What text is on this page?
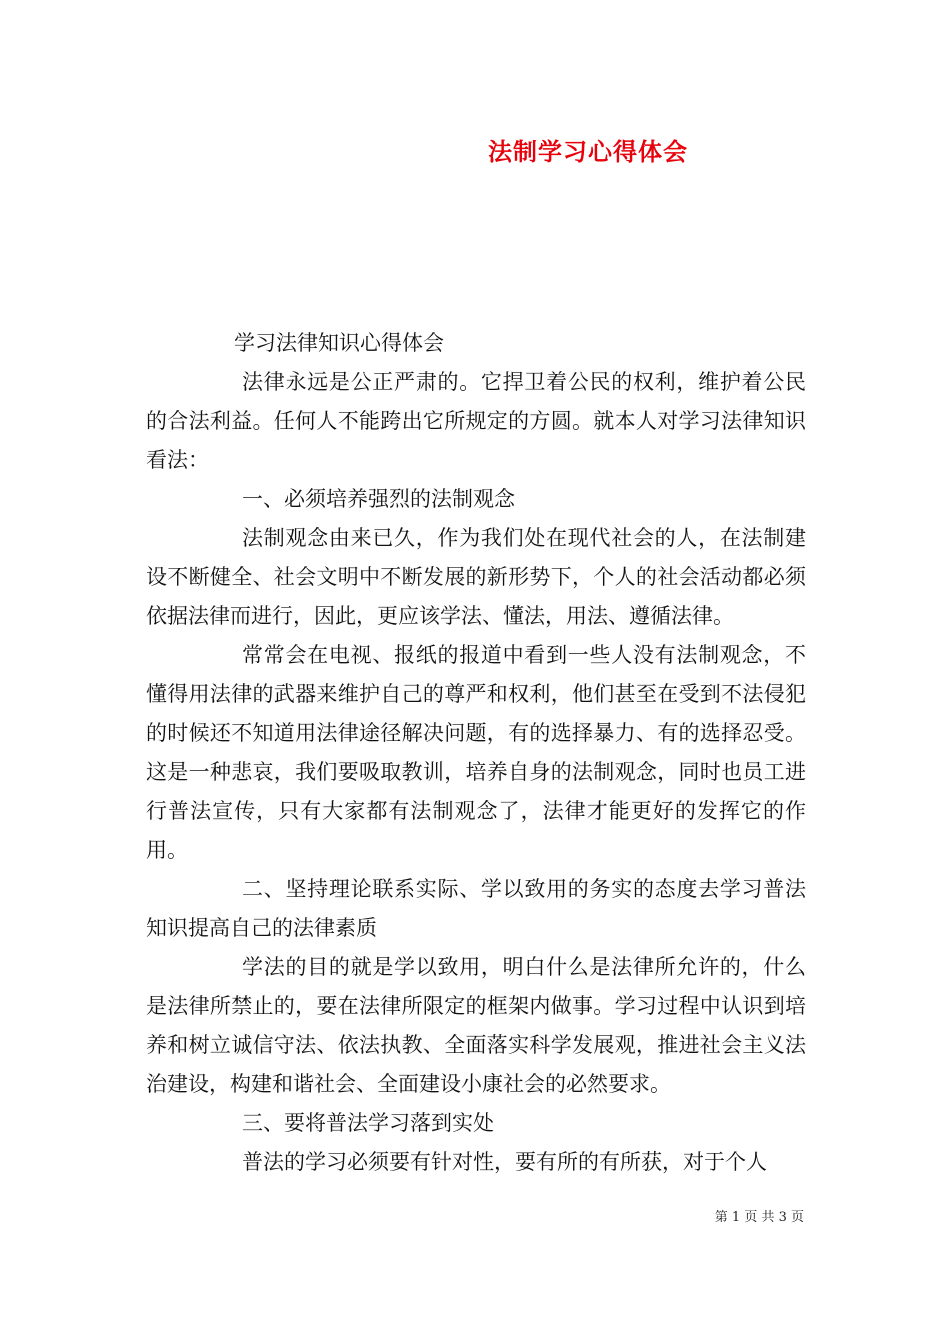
法制学习心得体会

学习法律知识心得体会

法律永远是公正严肃的。它捍卫着公民的权利，维护着公民的合法利益。任何人不能跨出它所规定的方圆。就本人对学习法律知识看法：

一、必须培养强烈的法制观念

法制观念由来已久，作为我们处在现代社会的人，在法制建设不断健全、社会文明中不断发展的新形势下，个人的社会活动都必须依据法律而进行，因此，更应该学法、懂法，用法、遵循法律。

常常会在电视、报纸的报道中看到一些人没有法制观念，不懂得用法律的武器来维护自己的尊严和权利，他们甚至在受到不法侵犯的时候还不知道用法律途径解决问题，有的选择暴力、有的选择忍受。这是一种悲哀，我们要吸取教训，培养自身的法制观念，同时也员工进行普法宣传，只有大家都有法制观念了，法律才能更好的发挥它的作用。

二、坚持理论联系实际、学以致用的务实的态度去学习普法知识提高自己的法律素质

学法的目的就是学以致用，明白什么是法律所允许的，什么是法律所禁止的，要在法律所限定的框架内做事。学习过程中认识到培养和树立诚信守法、依法执教、全面落实科学发展观，推进社会主义法治建设，构建和谐社会、全面建设小康社会的必然要求。

三、要将普法学习落到实处

普法的学习必须要有针对性，要有所的有所获，对于个人

第 1 页 共 3 页
